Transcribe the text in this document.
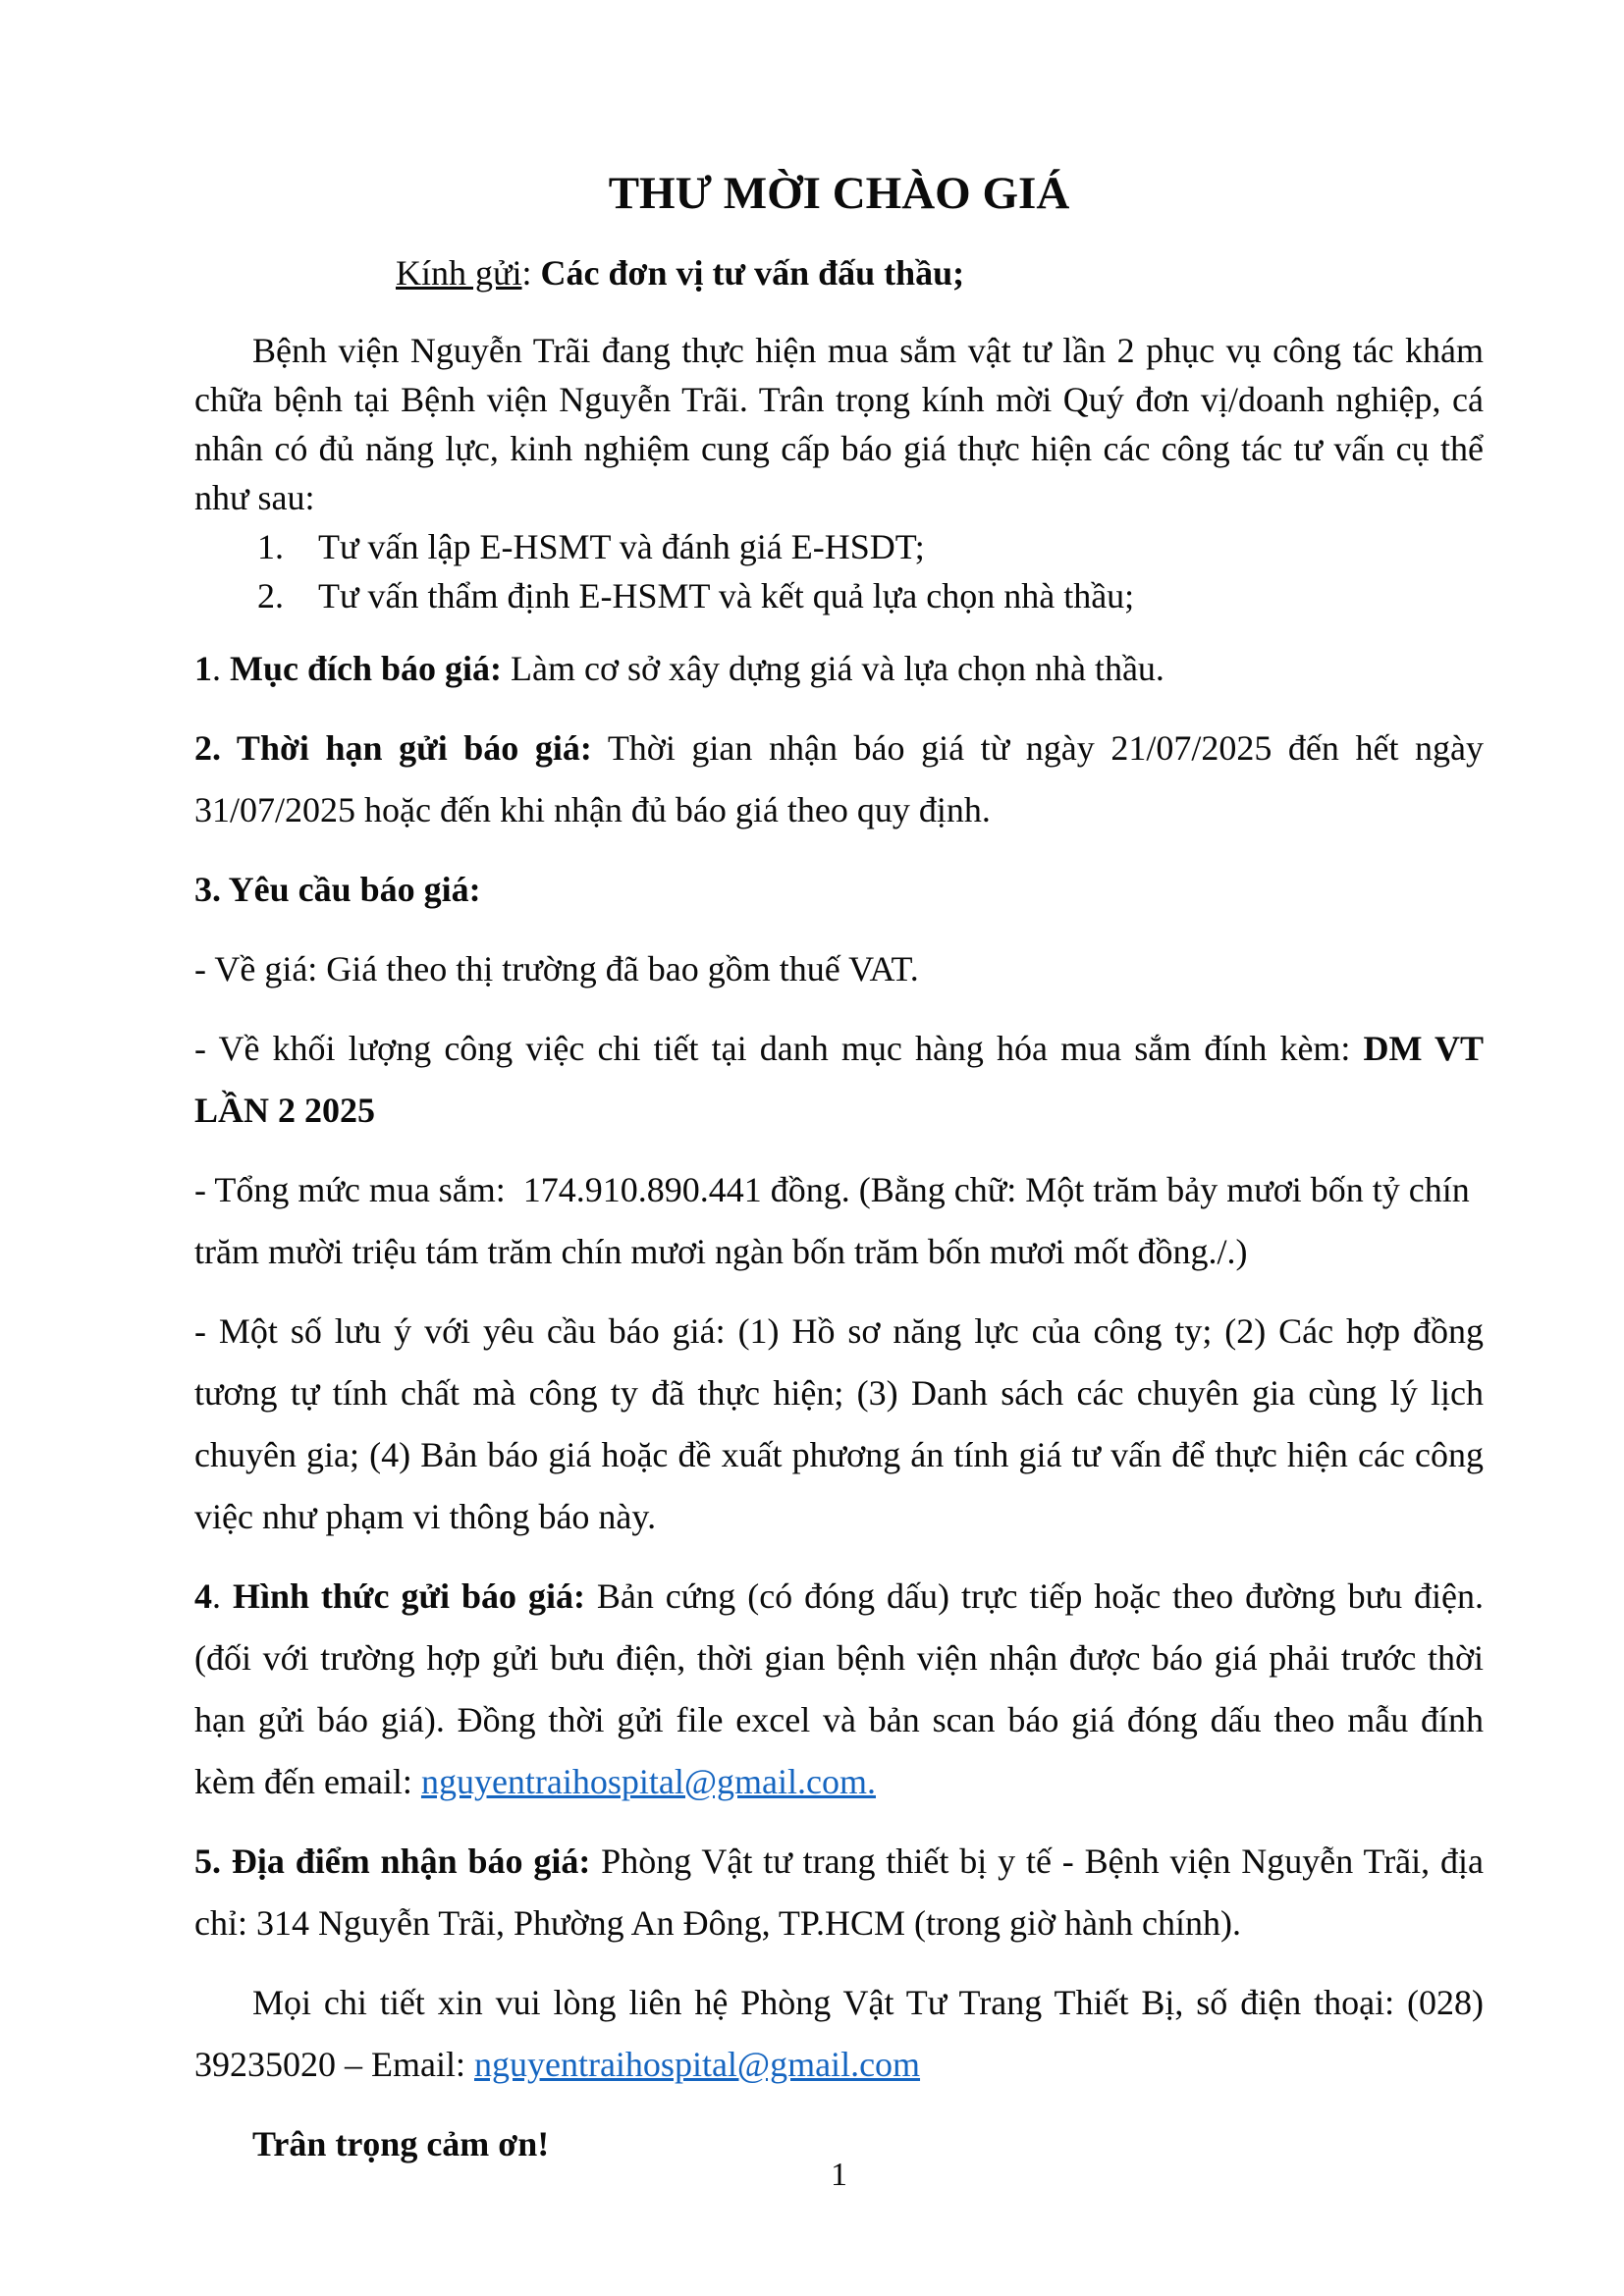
THƯ MỜI CHÀO GIÁ
Kính gửi: Các đơn vị tư vấn đấu thầu;

Bệnh viện Nguyễn Trãi đang thực hiện mua sắm vật tư lần 2 phục vụ công tác khám chữa bệnh tại Bệnh viện Nguyễn Trãi. Trân trọng kính mời Quý đơn vị/doanh nghiệp, cá nhân có đủ năng lực, kinh nghiệm cung cấp báo giá thực hiện các công tác tư vấn cụ thể như sau:

1. Tư vấn lập E-HSMT và đánh giá E-HSDT;
2. Tư vấn thẩm định E-HSMT và kết quả lựa chọn nhà thầu;

1. Mục đích báo giá: Làm cơ sở xây dựng giá và lựa chọn nhà thầu.

2. Thời hạn gửi báo giá: Thời gian nhận báo giá từ ngày 21/07/2025 đến hết ngày 31/07/2025 hoặc đến khi nhận đủ báo giá theo quy định.

3. Yêu cầu báo giá:

- Về giá: Giá theo thị trường đã bao gồm thuế VAT.

- Về khối lượng công việc chi tiết tại danh mục hàng hóa mua sắm đính kèm: DM VT LẦN 2 2025

- Tổng mức mua sắm:  174.910.890.441 đồng. (Bằng chữ: Một trăm bảy mươi bốn tỷ chín trăm mười triệu tám trăm chín mươi ngàn bốn trăm bốn mươi mốt đồng./.)

- Một số lưu ý với yêu cầu báo giá: (1) Hồ sơ năng lực của công ty; (2) Các hợp đồng tương tự tính chất mà công ty đã thực hiện; (3) Danh sách các chuyên gia cùng lý lịch chuyên gia; (4) Bản báo giá hoặc đề xuất phương án tính giá tư vấn để thực hiện các công việc như phạm vi thông báo này.

4. Hình thức gửi báo giá: Bản cứng (có đóng dấu) trực tiếp hoặc theo đường bưu điện. (đối với trường hợp gửi bưu điện, thời gian bệnh viện nhận được báo giá phải trước thời hạn gửi báo giá). Đồng thời gửi file excel và bản scan báo giá đóng dấu theo mẫu đính kèm đến email: nguyentraihospital@gmail.com.

5. Địa điểm nhận báo giá: Phòng Vật tư trang thiết bị y tế - Bệnh viện Nguyễn Trãi, địa chỉ: 314 Nguyễn Trãi, Phường An Đông, TP.HCM (trong giờ hành chính).

Mọi chi tiết xin vui lòng liên hệ Phòng Vật Tư Trang Thiết Bị, số điện thoại: (028) 39235020 – Email: nguyentraihospital@gmail.com

Trân trọng cảm ơn!

1
